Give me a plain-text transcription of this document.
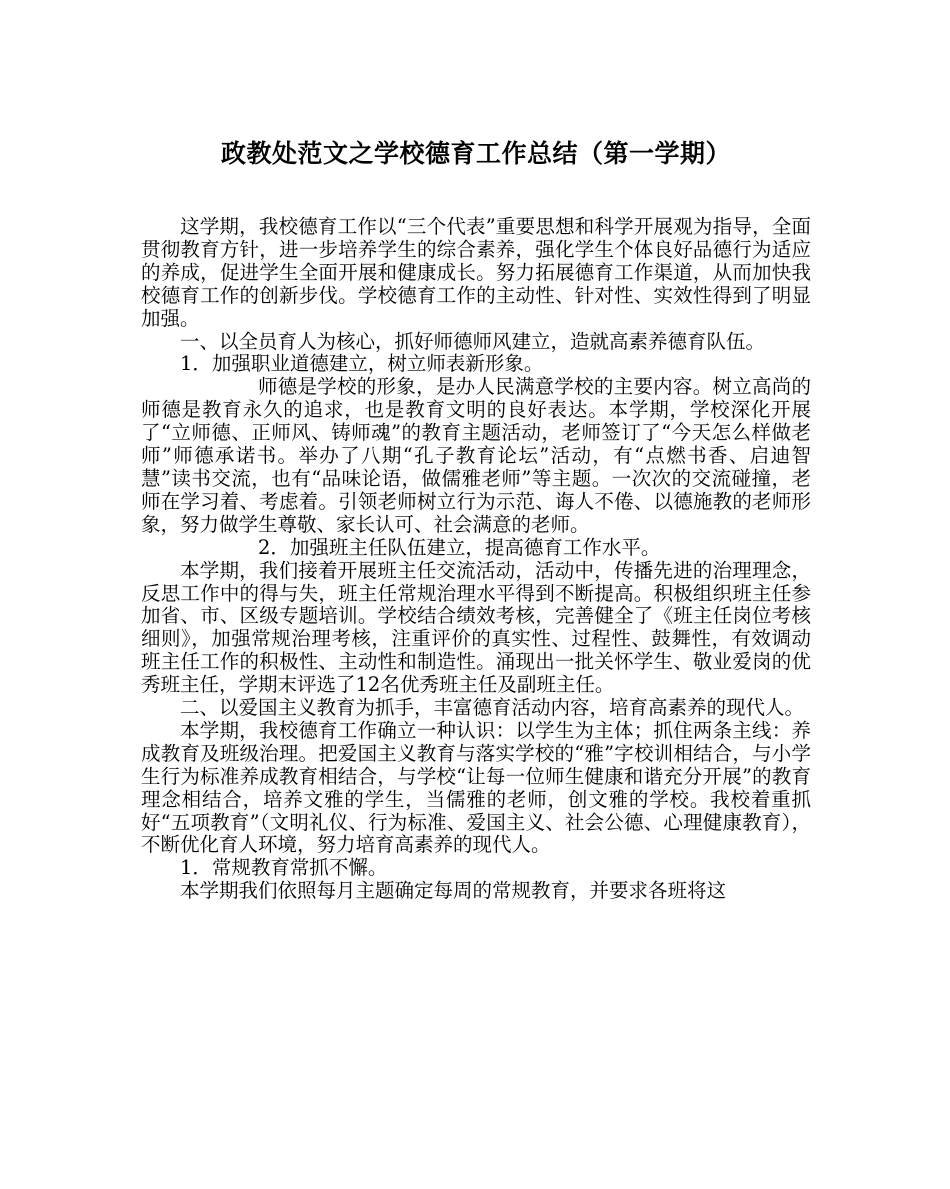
政教处范文之学校德育工作总结（第一学期）

这学期，我校德育工作以“三个代表”重要思想和科学开展观为指导，全面贯彻教育方针，进一步培养学生的综合素养，强化学生个体良好品德行为适应的养成，促进学生全面开展和健康成长。努力拓展德育工作渠道，从而加快我校德育工作的创新步伐。学校德育工作的主动性、针对性、实效性得到了明显加强。

一、以全员育人为核心，抓好师德师风建立，造就高素养德育队伍。

1．加强职业道德建立，树立师表新形象。

师德是学校的形象，是办人民满意学校的主要内容。树立高尚的师德是教育永久的追求，也是教育文明的良好表达。本学期，学校深化开展了“立师德、正师风、铸师魂”的教育主题活动，老师签订了“今天怎么样做老师”师德承诺书。举办了八期“孔子教育论坛”活动，有“点燃书香、启迪智慧”读书交流，也有“品味论语，做儒雅老师”等主题。一次次的交流碰撞，老师在学习着、考虑着。引领老师树立行为示范、诲人不倦、以德施教的老师形象，努力做学生尊敬、家长认可、社会满意的老师。

2．加强班主任队伍建立，提高德育工作水平。

本学期，我们接着开展班主任交流活动，活动中，传播先进的治理理念，反思工作中的得与失，班主任常规治理水平得到不断提高。积极组织班主任参加省、市、区级专题培训。学校结合绩效考核，完善健全了《班主任岗位考核细则》，加强常规治理考核，注重评价的真实性、过程性、鼓舞性，有效调动班主任工作的积极性、主动性和制造性。涌现出一批关怀学生、敬业爱岗的优秀班主任，学期末评选了12名优秀班主任及副班主任。

二、以爱国主义教育为抓手，丰富德育活动内容，培育高素养的现代人。

本学期，我校德育工作确立一种认识：以学生为主体；抓住两条主线：养成教育及班级治理。把爱国主义教育与落实学校的“雅”字校训相结合，与小学生行为标准养成教育相结合，与学校“让每一位师生健康和谐充分开展”的教育理念相结合，培养文雅的学生，当儒雅的老师，创文雅的学校。我校着重抓好“五项教育”（文明礼仪、行为标准、爱国主义、社会公德、心理健康教育），不断优化育人环境，努力培育高素养的现代人。

1．常规教育常抓不懈。

本学期我们依照每月主题确定每周的常规教育，并要求各班将这
